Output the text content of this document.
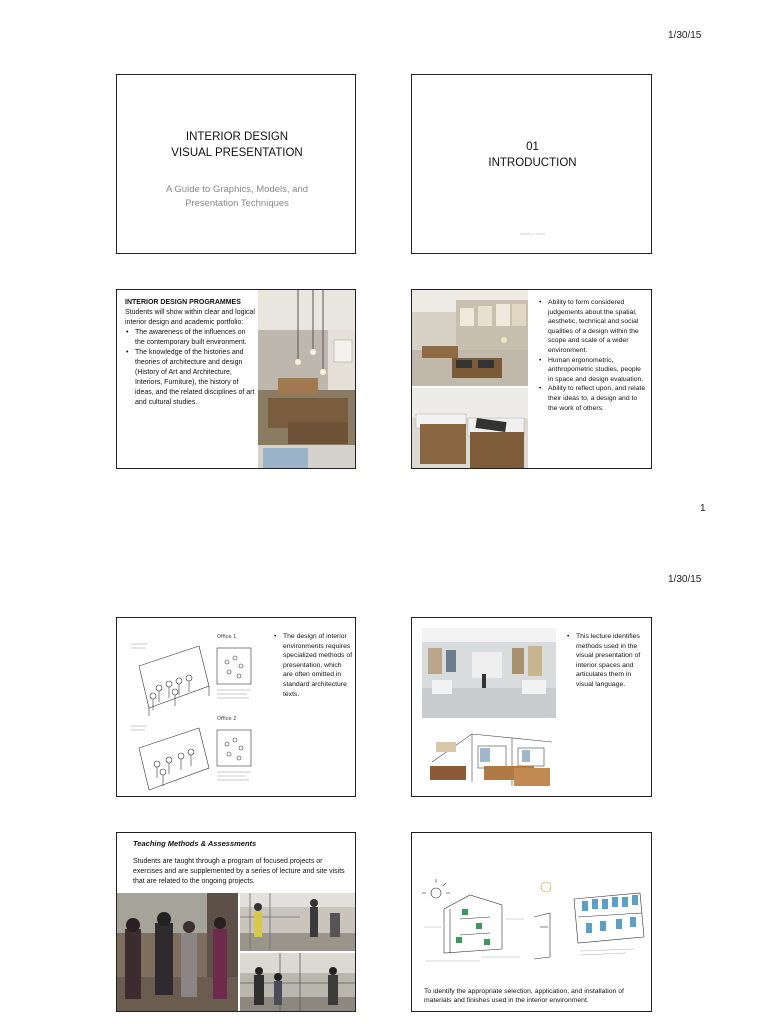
1/30/15
INTERIOR DESIGN
VISUAL PRESENTATION
A Guide to Graphics, Models, and
Presentation Techniques
01
INTRODUCTION
isolation stairs
INTERIOR DESIGN PROGRAMMES
Students will show within clear and logical interior design and academic portfolio:
• The awareness of the influences on the contemporary built environment.
• The knowledge of the histories and theories of architecture and design (History of Art and Architecture, Interiors, Furniture), the history of ideas, and the related disciplines of art and cultural studies.
• Ability to form considered judgements about the spatial, aesthetic, technical and social qualities of a design within the scope and scale of a wider environment.
• Human ergonometric, anthropometric studies, people in space and design evaluation.
• Ability to reflect upon, and relate their ideas to, a design and to the work of others.
1
1/30/15
Office 1
Office 2
• The design of interior environments requires specialized methods of presentation, which are often omitted in standard architecture texts.
• This lecture identifies methods used in the visual presentation of interior spaces and articulates them in visual language.
Teaching Methods & Assessments
Students are taught through a program of focused projects or exercises and are supplemented by a series of lecture and site visits that are related to the ongoing projects.
To identify the appropriate selection, application, and installation of materials and finishes used in the interior environment.
